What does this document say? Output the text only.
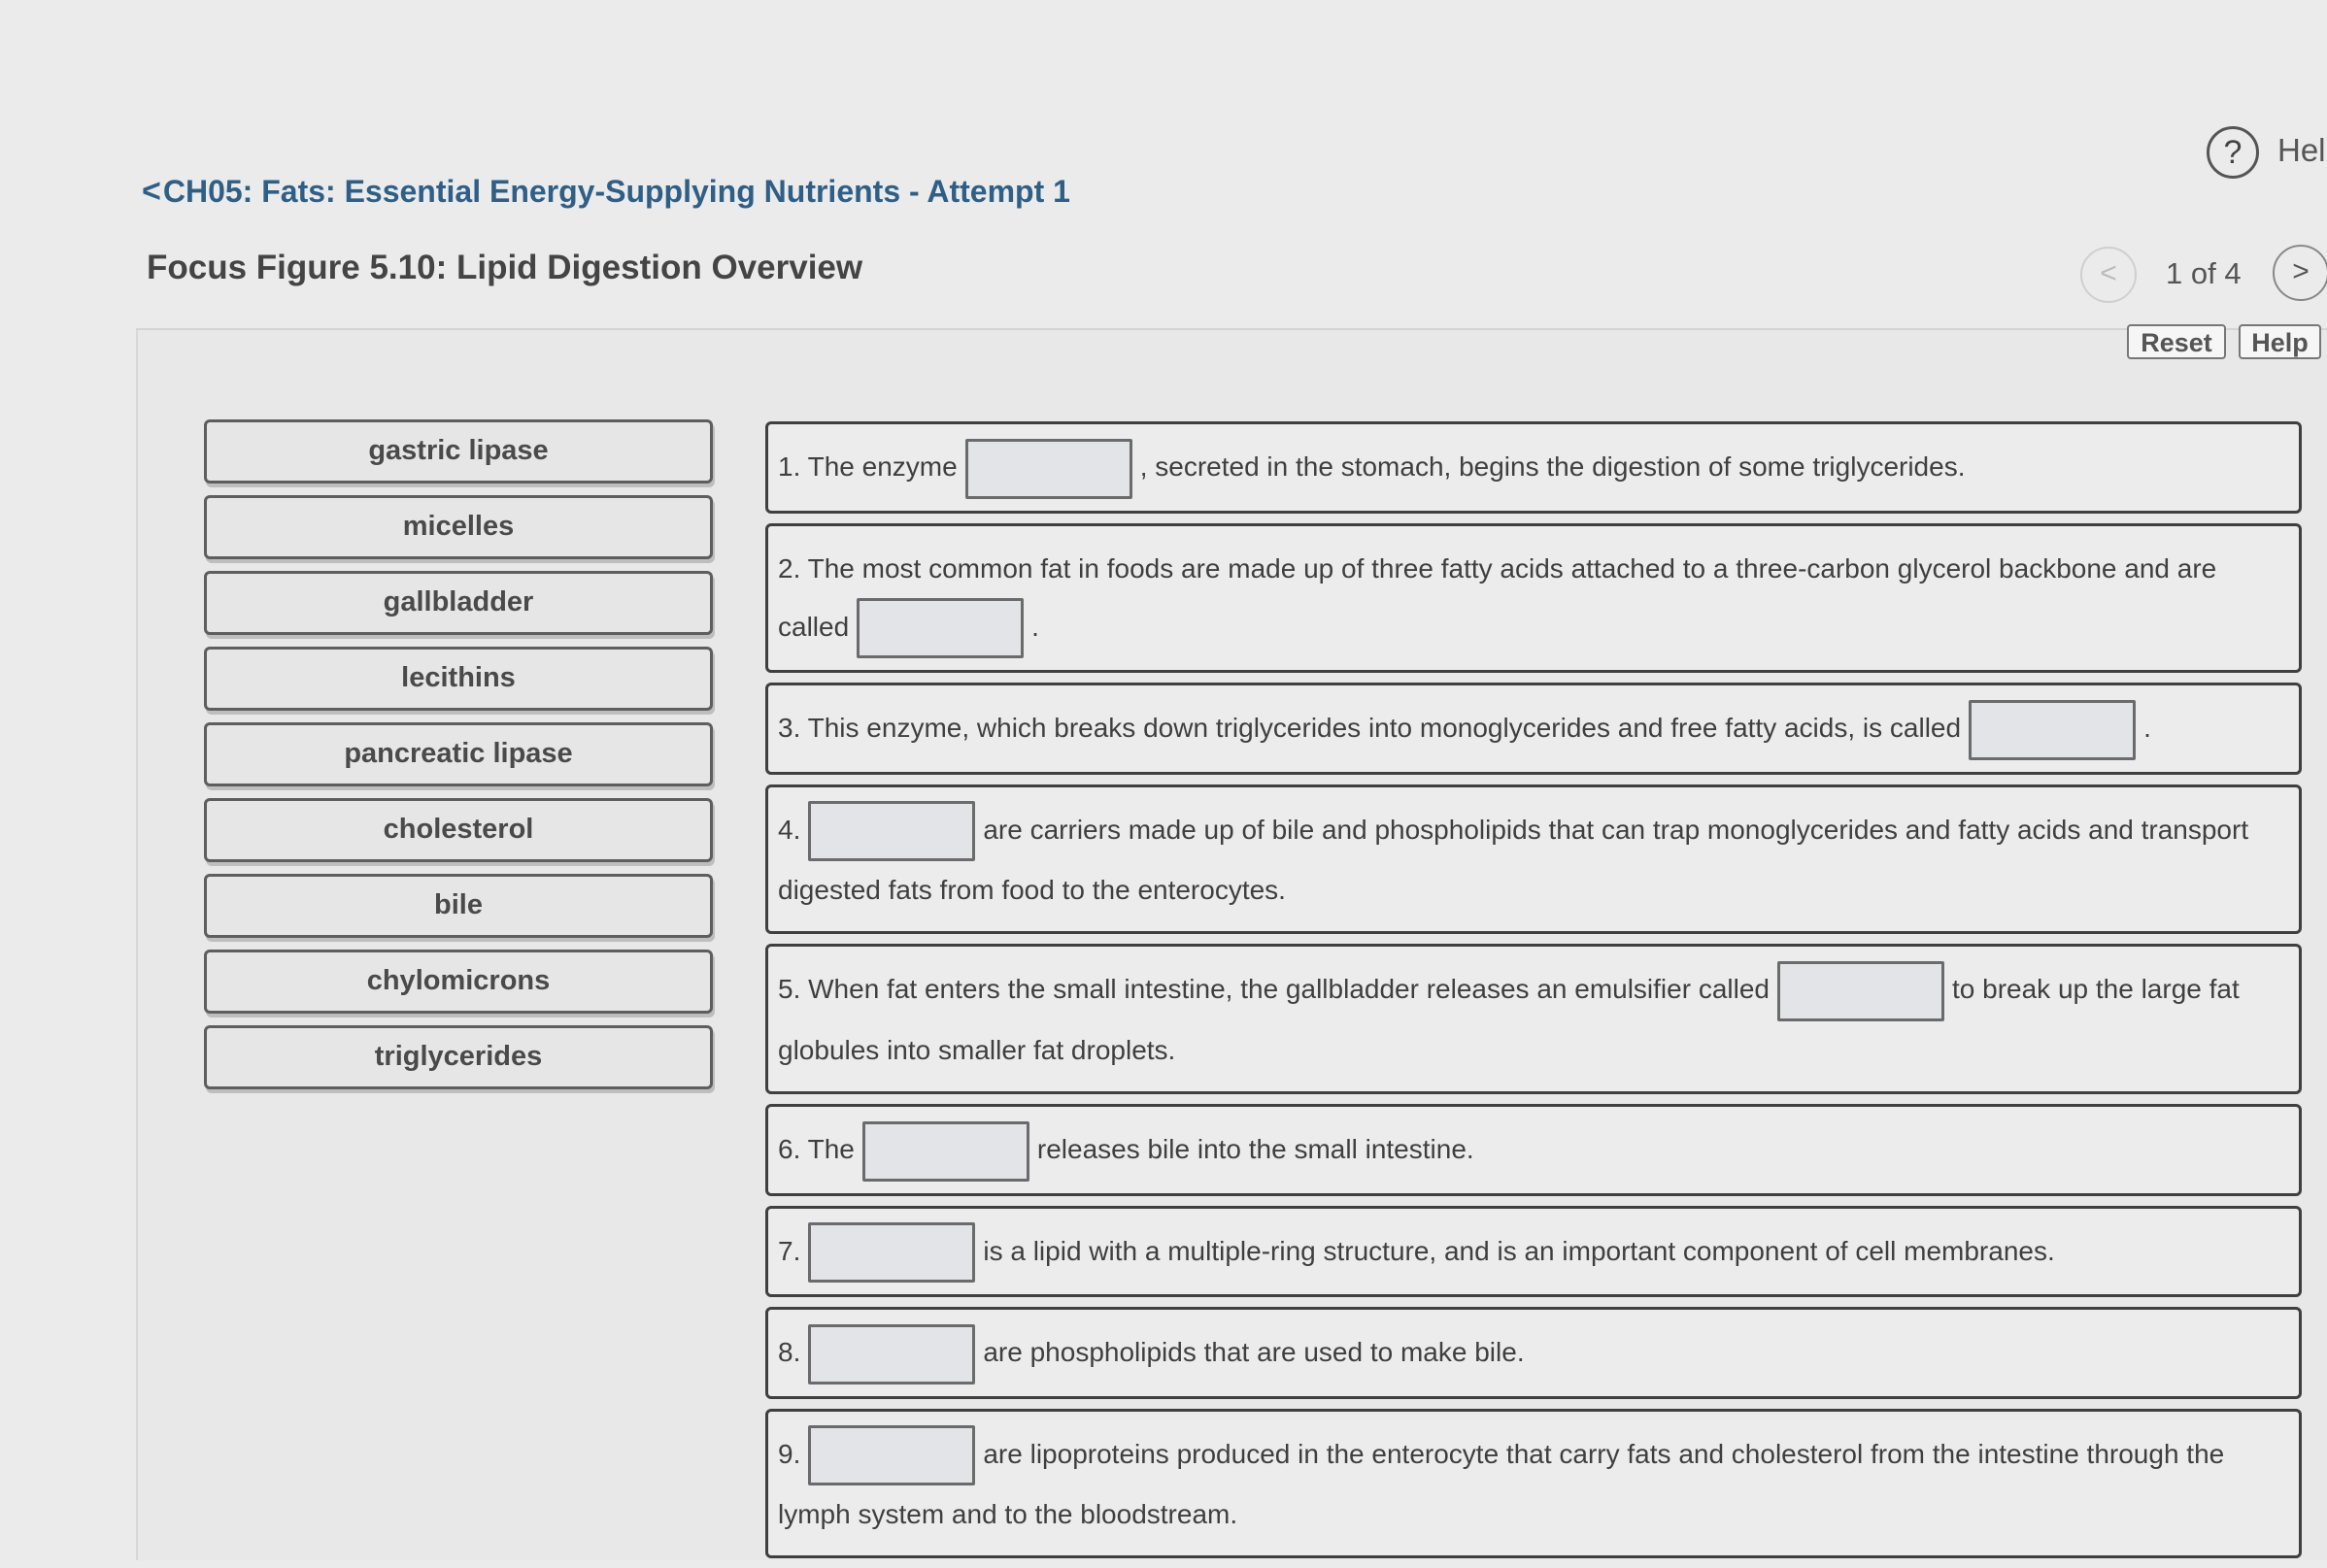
<CH05: Fats: Essential Energy-Supplying Nutrients - Attempt 1
Focus Figure 5.10: Lipid Digestion Overview
?	Hel
<	1 of 4	>
Reset	Help
gastric lipase
micelles
gallbladder
lecithins
pancreatic lipase
cholesterol
bile
chylomicrons
triglycerides
1. The enzyme	, secreted in the stomach, begins the digestion of some triglycerides.
2. The most common fat in foods are made up of three fatty acids attached to a three-carbon glycerol backbone and are called	.
3. This enzyme, which breaks down triglycerides into monoglycerides and free fatty acids, is called	.
4.	are carriers made up of bile and phospholipids that can trap monoglycerides and fatty acids and transport digested fats from food to the enterocytes.
5. When fat enters the small intestine, the gallbladder releases an emulsifier called	to break up the large fat globules into smaller fat droplets.
6. The	releases bile into the small intestine.
7.	is a lipid with a multiple-ring structure, and is an important component of cell membranes.
8.	are phospholipids that are used to make bile.
9.	are lipoproteins produced in the enterocyte that carry fats and cholesterol from the intestine through the lymph system and to the bloodstream.
